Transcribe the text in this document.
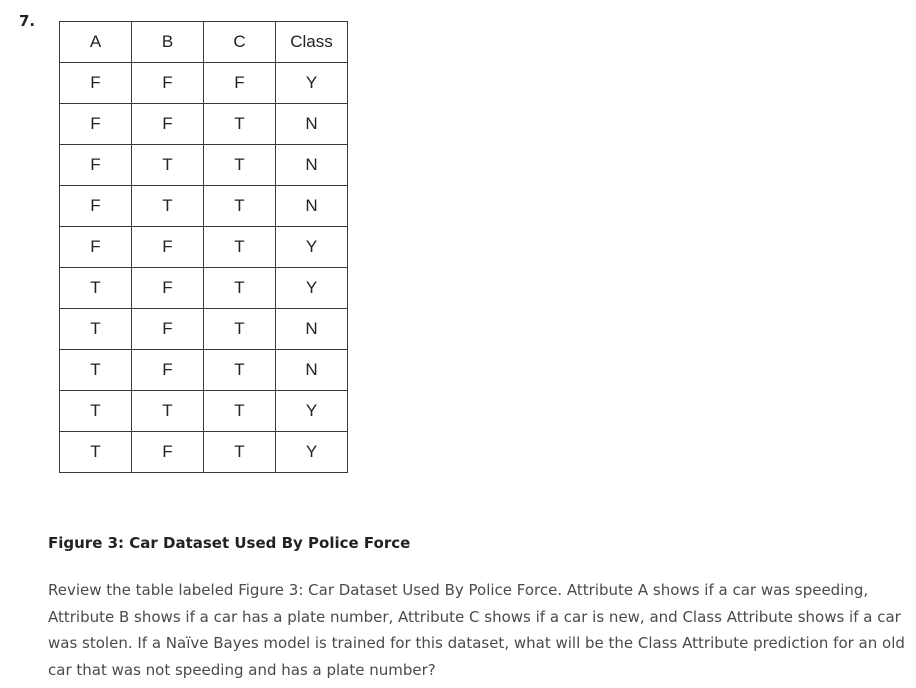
7.
A	B	C	Class
F	F	F	Y
F	F	T	N
F	T	T	N
F	T	T	N
F	F	T	Y
T	F	T	Y
T	F	T	N
T	F	T	N
T	T	T	Y
T	F	T	Y
Figure 3: Car Dataset Used By Police Force

Review the table labeled Figure 3: Car Dataset Used By Police Force. Attribute A shows if a car was speeding, Attribute B shows if a car has a plate number, Attribute C shows if a car is new, and Class Attribute shows if a car was stolen. If a Naïve Bayes model is trained for this dataset, what will be the Class Attribute prediction for an old car that was not speeding and has a plate number?
